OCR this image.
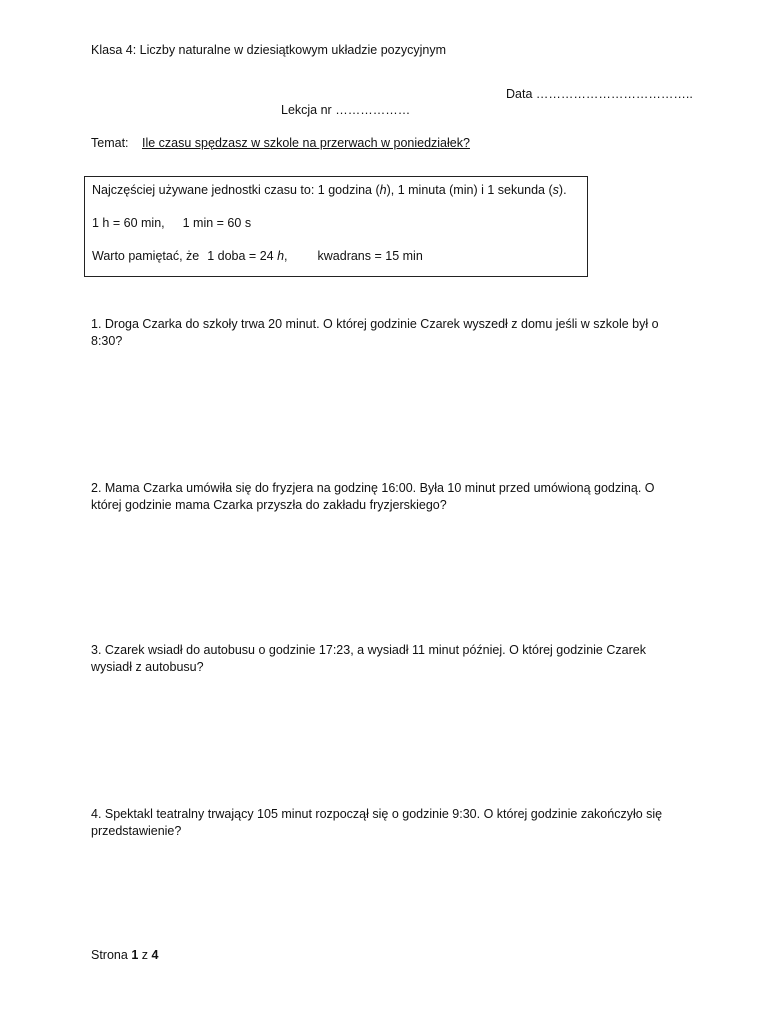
Klasa 4: Liczby naturalne w dziesiątkowym układzie pozycyjnym
Data ………………………………..
Lekcja nr ………………
Temat: Ile czasu spędzasz w szkole na przerwach w poniedziałek?
Najczęściej używane jednostki czasu to: 1 godzina (h), 1 minuta (min) i 1 sekunda (s).
1 h = 60 min, 1 min = 60 s
Warto pamiętać, że 1 doba = 24 h, kwadrans = 15 min
1. Droga Czarka do szkoły trwa 20 minut. O której godzinie Czarek wyszedł z domu jeśli w szkole był o 8:30?
2. Mama Czarka umówiła się do fryzjera na godzinę 16:00. Była 10 minut przed umówioną godziną. O której godzinie mama Czarka przyszła do zakładu fryzjerskiego?
3. Czarek wsiadł do autobusu o godzinie 17:23, a wysiadł 11 minut później. O której godzinie Czarek wysiadł z autobusu?
4. Spektakl teatralny trwający 105 minut rozpoczął się o godzinie 9:30. O której godzinie zakończyło się przedstawienie?
Strona 1 z 4
